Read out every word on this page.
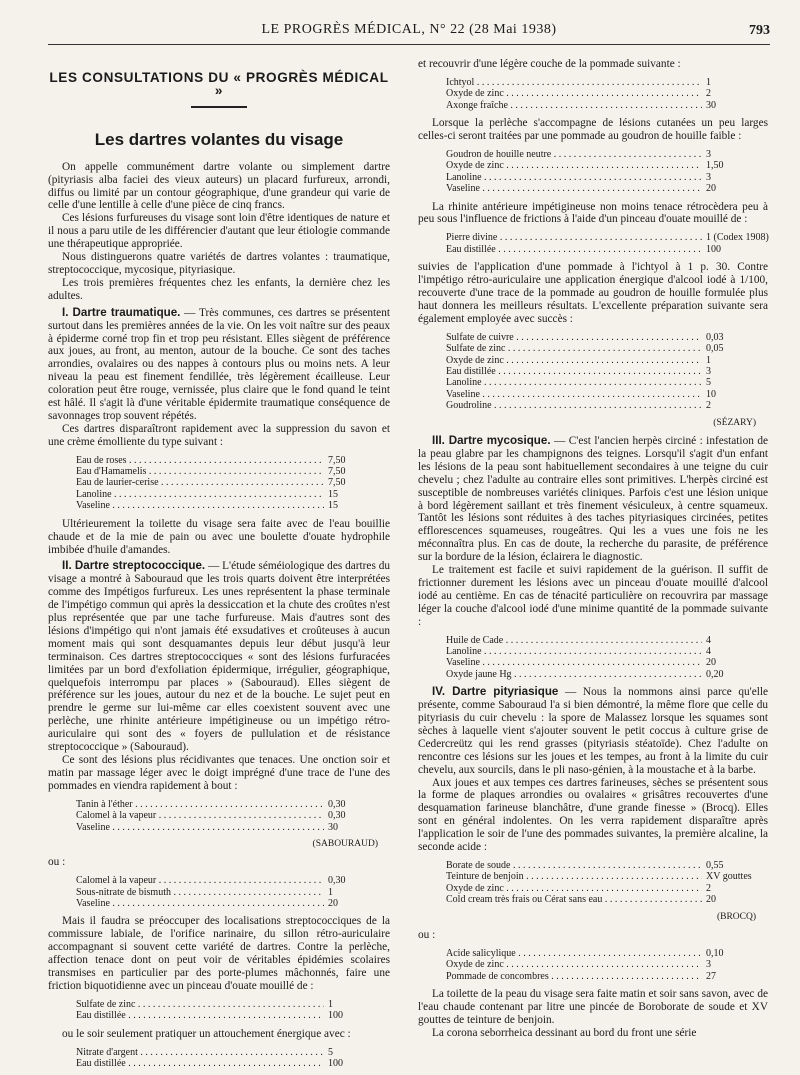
LE PROGRÈS MÉDICAL, N° 22 (28 Mai 1938)	793
LES CONSULTATIONS DU « PROGRÈS MÉDICAL »
Les dartres volantes du visage

On appelle communément dartre volante ou simplement dartre (pityriasis alba faciei des vieux auteurs) un placard furfureux, arrondi, diffus ou limité par un contour géographique, d'une grandeur qui varie de celle d'une lentille à celle d'une pièce de cinq francs.

Ces lésions furfureuses du visage sont loin d'être identiques de nature et il nous a paru utile de les différencier d'autant que leur étiologie commande une thérapeutique appropriée.

Nous distinguerons quatre variétés de dartres volantes : traumatique, streptococcique, mycosique, pityriasique.

Les trois premières fréquentes chez les enfants, la dernière chez les adultes.

I. Dartre traumatique. — Très communes, ces dartres se présentent surtout dans les premières années de la vie. On les voit naître sur des peaux à épiderme corné trop fin et trop peu résistant. Elles siègent de préférence aux joues, au front, au menton, autour de la bouche. Ce sont des taches arrondies, ovalaires ou des nappes à contours plus ou moins nets. A leur niveau la peau est finement fendillée, très légèrement écailleuse. Leur coloration peut être rouge, vernissée, plus claire que le fond quand le teint est hâlé. Il s'agit là d'une véritable épidermite traumatique conséquence de savonnages trop souvent répétés.

Ces dartres disparaîtront rapidement avec la suppression du savon et une crème émolliente du type suivant :

Eau de roses . . .	7,50
Eau d'Hamamelis . . .	7,50
Eau de laurier-cerise . . .	7,50
Lanoline . . .	15
Vaseline . . .	15

Ultérieurement la toilette du visage sera faite avec de l'eau bouillie chaude et de la mie de pain ou avec une boulette d'ouate hydrophile imbibée d'huile d'amandes.

II. Dartre streptococcique. — L'étude séméiologique des dartres du visage a montré à Sabouraud que les trois quarts doivent être interprétées comme des Impétigos furfureux. Les unes représentent la phase terminale de l'impétigo commun qui après la dessiccation et la chute des croûtes n'est plus représentée que par une tache furfureuse. Mais d'autres sont des lésions d'impétigo qui n'ont jamais été exsudatives et croûteuses à aucun moment mais qui sont desquamantes depuis leur début jusqu'à leur terminaison. Ces dartres streptococciques « sont des lésions furfuracées limitées par un bord d'exfoliation épidermique, irrégulier, géographique, quelquefois interrompu par places » (Sabouraud). Elles siègent de préférence sur les joues, autour du nez et de la bouche. Le sujet peut en prendre le germe sur lui-même car elles coexistent souvent avec une perlèche, une rhinite antérieure impétigineuse ou un impétigo rétro-auriculaire qui sont des « foyers de pullulation et de résistance streptococcique » (Sabouraud).

Ce sont des lésions plus récidivantes que tenaces. Une onction soir et matin par massage léger avec le doigt imprégné d'une trace de l'une des pommades en viendra rapidement à bout :

Tanin à l'éther . . .	0,30
Calomel à la vapeur . . .	0,30
Vaseline . . .	30
(SABOURAUD)

ou :

Calomel à la vapeur . . .	0,30
Sous-nitrate de bismuth . . .	1
Vaseline . . .	20

Mais il faudra se préoccuper des localisations streptococciques de la commissure labiale, de l'orifice narinaire, du sillon rétro-auriculaire accompagnant si souvent cette variété de dartres. Contre la perlèche, affection tenace dont on peut voir de véritables épidémies scolaires transmises en particulier par des porte-plumes mâchonnés, faire une friction biquotidienne avec un pinceau d'ouate mouillé de :

Sulfate de zinc . . .	1
Eau distillée . . .	100

ou le soir seulement pratiquer un attouchement énergique avec :

Nitrate d'argent . . .	5
Eau distillée . . .	100

et recouvrir d'une légère couche de la pommade suivante :

Ichtyol . . .	1
Oxyde de zinc . . .	2
Axonge fraîche . . .	30

Lorsque la perlèche s'accompagne de lésions cutanées un peu larges celles-ci seront traitées par une pommade au goudron de houille faible :

Goudron de houille neutre . . .	3
Oxyde de zinc . . .	1,50
Lanoline . . .	3
Vaseline . . .	20

La rhinite antérieure impétigineuse non moins tenace rétrocèdera peu à peu sous l'influence de frictions à l'aide d'un pinceau d'ouate mouillé de :

Pierre divine . . .	1 (Codex 1908)
Eau distillée . . .	100

suivies de l'application d'une pommade à l'ichtyol à 1 p. 30. Contre l'impétigo rétro-auriculaire une application énergique d'alcool iodé à 1/100, recouverte d'une trace de la pommade au goudron de houille formulée plus haut donnera les meilleurs résultats. L'excellente préparation suivante sera également employée avec succès :

Sulfate de cuivre . . .	0,03
Sulfate de zinc . . .	0,05
Oxyde de zinc . . .	1
Eau distillée . . .	3
Lanoline . . .	5
Vaseline . . .	10
Goudroline . . .	2
(SÉZARY)

III. Dartre mycosique. — C'est l'ancien herpès circiné : infestation de la peau glabre par les champignons des teignes. Lorsqu'il s'agit d'un enfant les lésions de la peau sont habituellement secondaires à une teigne du cuir chevelu ; chez l'adulte au contraire elles sont primitives. L'herpès circiné est susceptible de nombreuses variétés cliniques. Parfois c'est une lésion unique à bord légèrement saillant et très finement vésiculeux, à centre squameux. Tantôt les lésions sont réduites à des taches pityriasiques circinées, petites efflorescences squameuses, rougeâtres. Qui les a vues une fois ne les méconnaîtra plus. En cas de doute, la recherche du parasite, de préférence sur la bordure de la lésion, éclairera le diagnostic.

Le traitement est facile et suivi rapidement de la guérison. Il suffit de frictionner durement les lésions avec un pinceau d'ouate mouillé d'alcool iodé au centième. En cas de ténacité particulière on recouvrira par massage léger la couche d'alcool iodé d'une minime quantité de la pommade suivante :

Huile de Cade . . .	4
Lanoline . . .	4
Vaseline . . .	20
Oxyde jaune Hg . . .	0,20

IV. Dartre pityriasique — Nous la nommons ainsi parce qu'elle présente, comme Sabouraud l'a si bien démontré, la même flore que celle du pityriasis du cuir chevelu : la spore de Malassez lorsque les squames sont sèches à laquelle vient s'ajouter souvent le petit coccus à culture grise de Cedercreütz qui les rend grasses (pityriasis stéatoïde). Chez l'adulte on rencontre ces lésions sur les joues et les tempes, au front à la limite du cuir chevelu, aux sourcils, dans le pli naso-génien, à la moustache et à la barbe.

Aux joues et aux tempes ces dartres farineuses, sèches se présentent sous la forme de plaques arrondies ou ovalaires « grisâtres recouvertes d'une desquamation farineuse blanchâtre, d'une grande finesse » (Brocq). Elles sont en général indolentes. On les verra rapidement disparaître après l'application le soir de l'une des pommades suivantes, la première alcaline, la seconde acide :

Borate de soude . . .	0,55
Teinture de benjoin . . .	XV gouttes
Oxyde de zinc . . .	2
Cold cream très frais ou Cérat sans eau . . .	20
(BROCQ)

ou :

Acide salicylique . . .	0,10
Oxyde de zinc . . .	3
Pommade de concombres . . .	27

La toilette de la peau du visage sera faite matin et soir sans savon, avec de l'eau chaude contenant par litre une pincée de Boroborate de soude et XV gouttes de teinture de benjoin.

La corona seborrheica dessinant au bord du front une série
